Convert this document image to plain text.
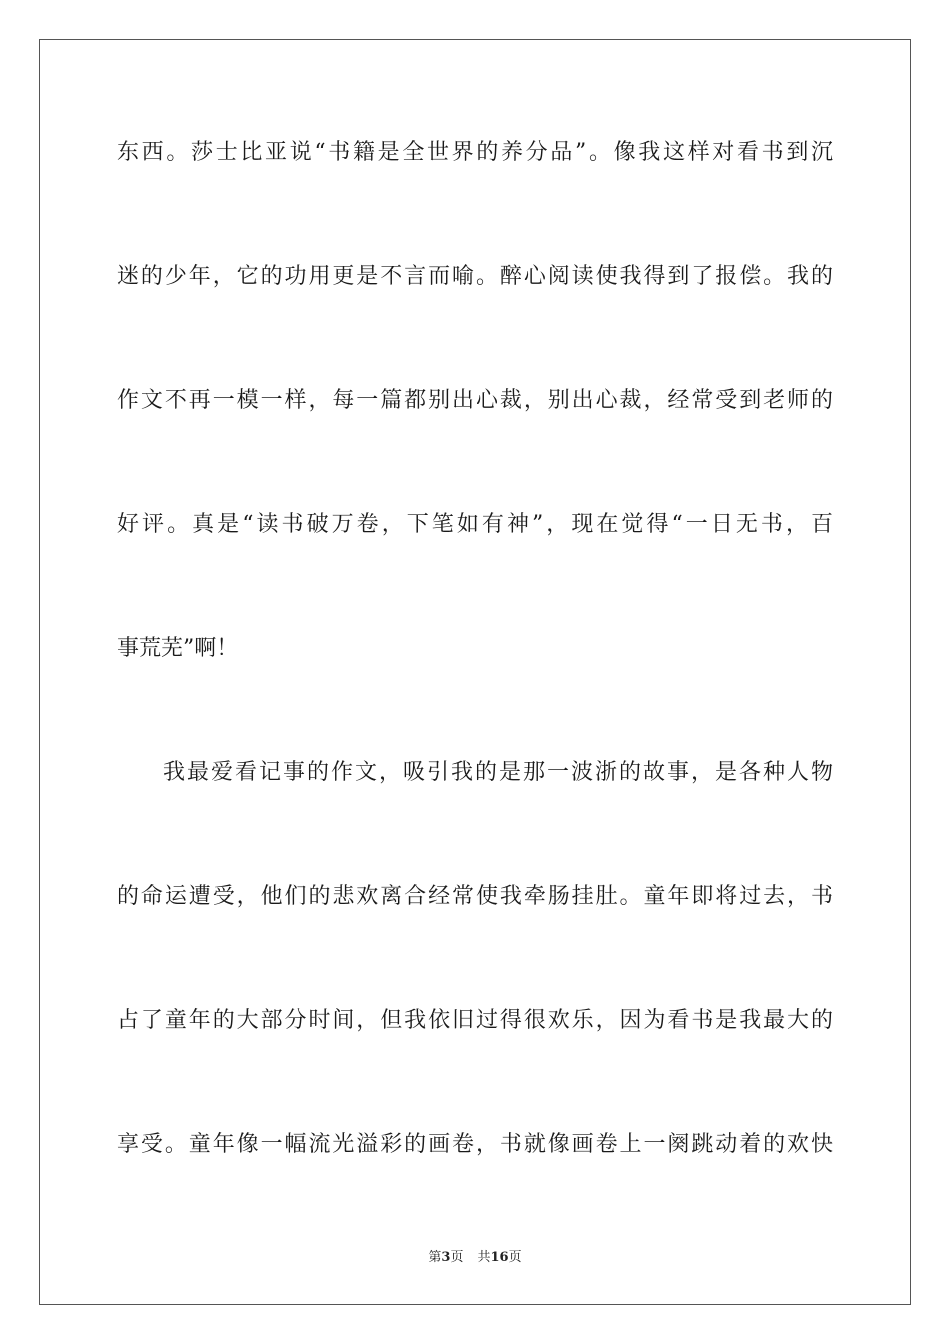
东西。莎士比亚说“书籍是全世界的养分品”。像我这样对看书到沉
迷的少年，它的功用更是不言而喻。醉心阅读使我得到了报偿。我的
作文不再一模一样，每一篇都别出心裁，别出心裁，经常受到老师的
好评。真是“读书破万卷，下笔如有神”，现在觉得“一日无书，百
事荒芜”啊！
我最爱看记事的作文，吸引我的是那一波浙的故事，是各种人物
的命运遭受，他们的悲欢离合经常使我牵肠挂肚。童年即将过去，书
占了童年的大部分时间，但我依旧过得很欢乐，因为看书是我最大的
享受。童年像一幅流光溢彩的画卷，书就像画卷上一阕跳动着的欢快
第3页 共16页
